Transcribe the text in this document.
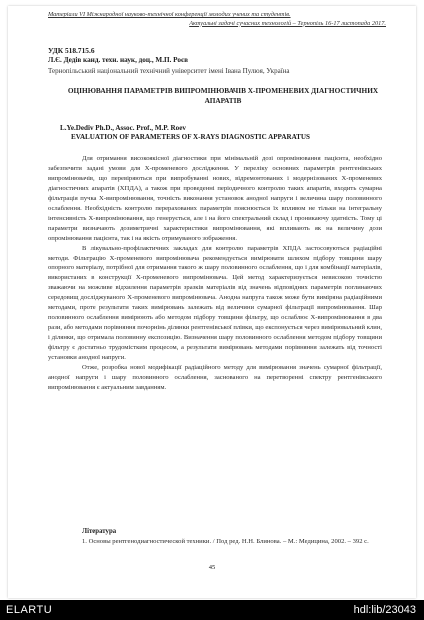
Матеріали VI Міжнародної науково-технічної конференції молодих учених та студентів.
Актуальні задачі сучасних технологій – Тернопіль 16-17 листопада 2017.
УДК 518.715.6
Л.Є. Дедів канд. техн. наук, доц., М.П. Роєв
Тернопільський національний технічний університет імені Івана Пулюя, Україна
ОЦІНЮВАННЯ ПАРАМЕТРІВ ВИПРОМІНЮВАЧІВ Х-ПРОМЕНЕВИХ ДІАГНОСТИЧНИХ АПАРАТІВ
L.Ye.Dediv Ph.D., Assoc. Prof., M.P. Roev
EVALUATION OF PARAMETERS OF X-RAYS DIAGNOSTIC APPARATUS

Для отримання високоякісної діагностики при мінімальній дозі опромінювання пацієнта, необхідно забезпечити задані умови для Х-променевого дослідження. У переліку основних параметрів рентгенівських випромінювачів, що перевіряються при випробуванні нових, відремонтованих і модернізованих Х-променевих діагностичних апаратів (ХПДА), а також при проведенні періодичного контролю таких апаратів, входить сумарна фільтрація пучка Х-випромінювання, точність виконання установок анодної напруги і величина шару половинного ослаблення. Необхідність контролю перерахованих параметрів пояснюється їх впливом не тільки на інтегральну інтенсивність Х-випромінювання, що генерується, але і на його спектральний склад і проникаючу здатність. Тому ці параметри визначають дозиметричні характеристики випромінювання, які впливають як на величину дози опромінювання пацієнта, так і на якість отримуваного зображення.

В лікувально-профілактичних закладах для контролю параметрів ХПДА застосовуються радіаційні методи. Фільтрацію Х-променевого випромінювача рекомендується вимірювати шляхом підбору товщини шару опорного матеріалу, потрібної для отримання такого ж шару половинного ослаблення, що і для комбінації матеріалів, використаних в конструкції Х-променевого випромінювача. Цей метод характеризується невисокою точністю зважаючи на можливе відхилення параметрів зразків матеріалів від значень відповідних параметрів поглинаючих середовищ досліджуваного Х-променевого випромінювача. Анодна напруга також може бути виміряна радіаційними методами, проте результати таких вимірювань залежать від величини сумарної фільтрації випромінювання. Шар половинного ослаблення вимірюють або методом підбору товщини фільтру, що ослаблює Х-випромінювання в два рази, або методами порівняння почорнінь ділянки рентгенівської плівки, що експонується через вимірювальний клин, і ділянки, що отримала половинну експозицію. Визначення шару половинного ослаблення методом підбору товщини фільтру є достатньо трудомістким процесом, а результати вимірювань методами порівняння залежать від точності установки анодної напруги.

Отже, розробка нової модифікації радіаційного методу для вимірювання значень сумарної фільтрації, анодної напруги і шару половинного ослаблення, заснованого на перетворенні спектру рентгенівського випромінювання є актуальним завданням.

Література
1. Основы рентгенодиагностической техники. / Под ред. Н.Н. Блинова. – М.: Медицина, 2002. – 392 с.
45
ELARTU	hdl:lib/23043
